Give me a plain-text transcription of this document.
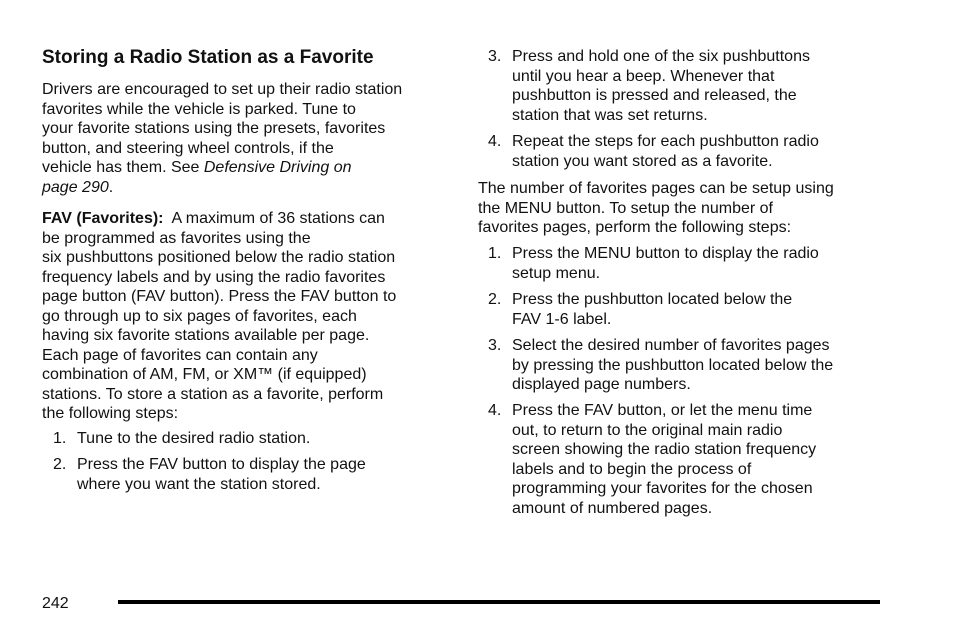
Storing a Radio Station as a Favorite
Drivers are encouraged to set up their radio station
favorites while the vehicle is parked. Tune to
your favorite stations using the presets, favorites
button, and steering wheel controls, if the
vehicle has them. See Defensive Driving on
page 290.
FAV (Favorites):  A maximum of 36 stations can
be programmed as favorites using the
six pushbuttons positioned below the radio station
frequency labels and by using the radio favorites
page button (FAV button). Press the FAV button to
go through up to six pages of favorites, each
having six favorite stations available per page.
Each page of favorites can contain any
combination of AM, FM, or XM™ (if equipped)
stations. To store a station as a favorite, perform
the following steps:
1. Tune to the desired radio station.
2. Press the FAV button to display the page
where you want the station stored.
3. Press and hold one of the six pushbuttons
until you hear a beep. Whenever that
pushbutton is pressed and released, the
station that was set returns.
4. Repeat the steps for each pushbutton radio
station you want stored as a favorite.
The number of favorites pages can be setup using
the MENU button. To setup the number of
favorites pages, perform the following steps:
1. Press the MENU button to display the radio
setup menu.
2. Press the pushbutton located below the
FAV 1-6 label.
3. Select the desired number of favorites pages
by pressing the pushbutton located below the
displayed page numbers.
4. Press the FAV button, or let the menu time
out, to return to the original main radio
screen showing the radio station frequency
labels and to begin the process of
programming your favorites for the chosen
amount of numbered pages.
242
